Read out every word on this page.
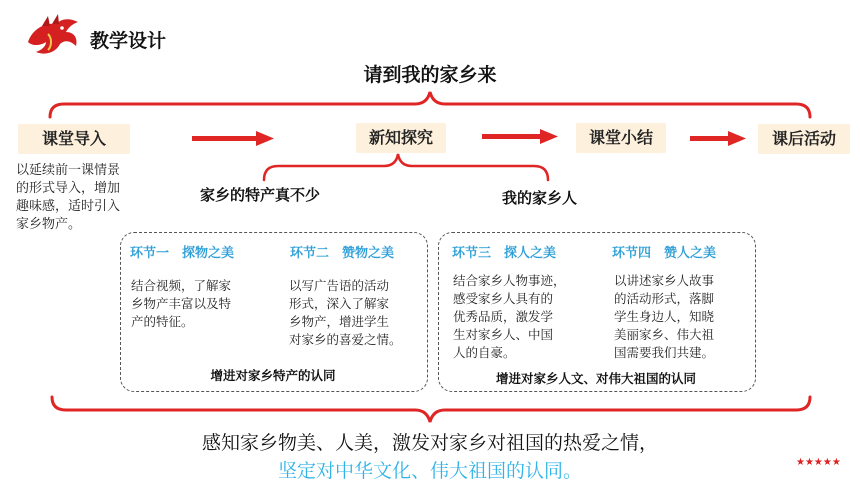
教学设计
请到我的家乡来
课堂导入	新知探究	课堂小结	课后活动
以延续前一课情景
的形式导入，增加
趣味感，适时引入
家乡物产。
家乡的特产真不少	我的家乡人
环节一　探物之美	环节二　赞物之美
结合视频，了解家
乡物产丰富以及特
产的特征。
以写广告语的活动
形式，深入了解家
乡物产，增进学生
对家乡的喜爱之情。
增进对家乡特产的认同
环节三　探人之美	环节四　赞人之美
结合家乡人物事迹，
感受家乡人具有的
优秀品质，激发学
生对家乡人、中国
人的自豪。
以讲述家乡人故事
的活动形式，落脚
学生身边人，知晓
美丽家乡、伟大祖
国需要我们共建。
增进对家乡人文、对伟大祖国的认同
感知家乡物美、人美，激发对家乡对祖国的热爱之情，
坚定对中华文化、伟大祖国的认同。	★★★★★
